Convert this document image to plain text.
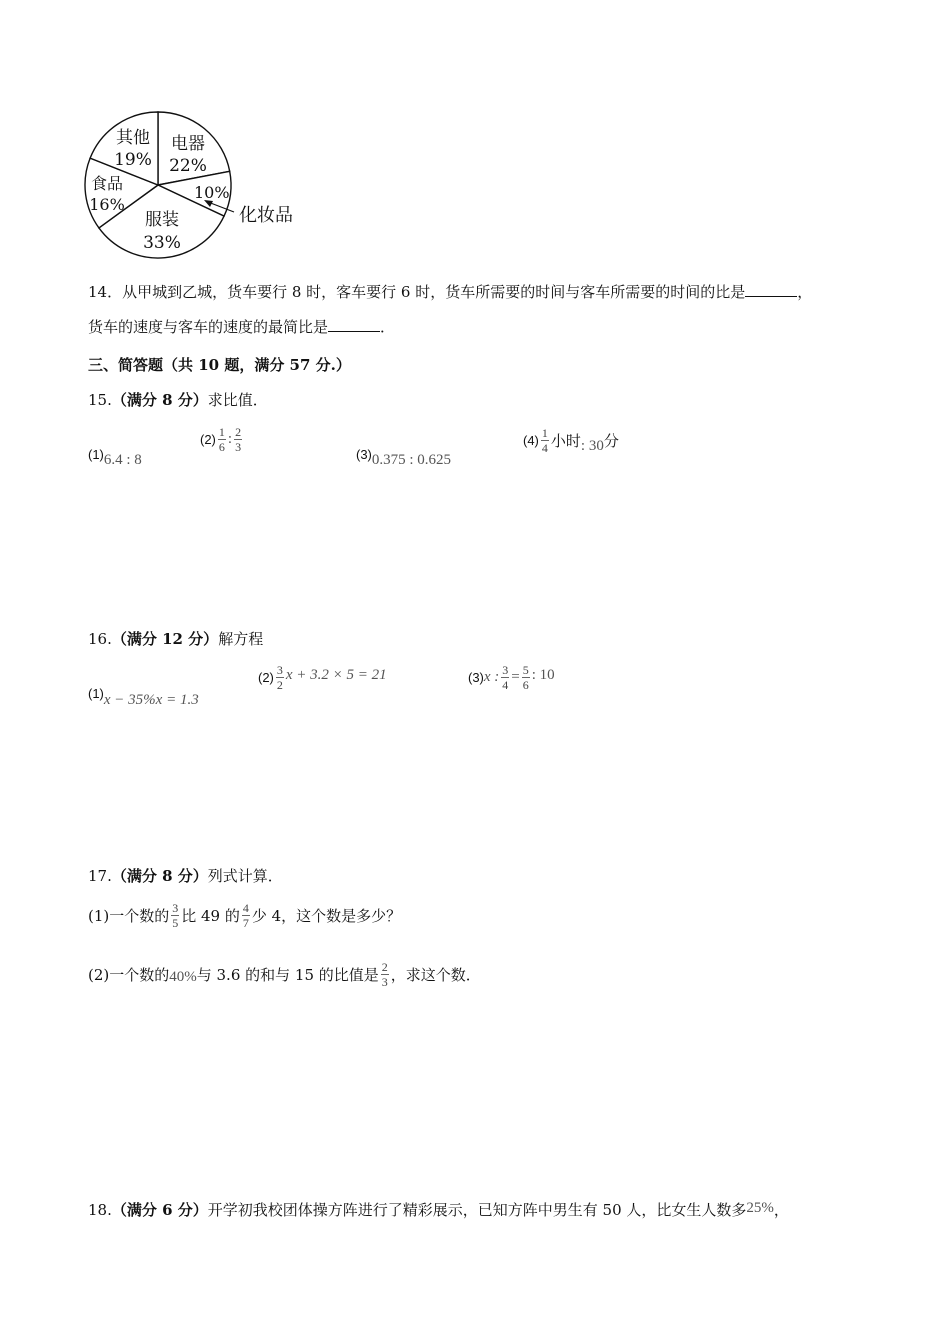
其他
19%
电器
22%
10%
化妆品
服装
33%
食品
16%
14．从甲城到乙城，货车要行 8 时，客车要行 6 时，货车所需要的时间与客车所需要的时间的比是	，
货车的速度与客车的速度的最简比是	．
三、简答题（共 10 题，满分 57 分.）
15.（满分 8 分）求比值．
(1) 6.4 : 8
$(2) \frac{1}{6}$ : $\frac{2}{3}$
(3) 0.375 : 0.625
$(4) \frac{1}{4}$ 小时 : 30 分
16.（满分 12 分）解方程
(1) x − 35%x = 1.3
$(2) \frac{3}{2}$ x + 3.2 × 5 = 21	(3) x : $\frac{3}{4} = \frac{5}{6}$ : 10
17.（满分 8 分）列式计算．
(1)一个数的 $\frac{3}{5}$ 比 49 的 $\frac{4}{7}$ 少 4，这个数是多少？
(2)一个数的 40% 与 3.6 的和与 15 的比值是 $\frac{2}{3}$ ，求这个数．
18.（满分 6 分）开学初我校团体操方阵进行了精彩展示，已知方阵中男生有 50 人，比女生人数多25%，
